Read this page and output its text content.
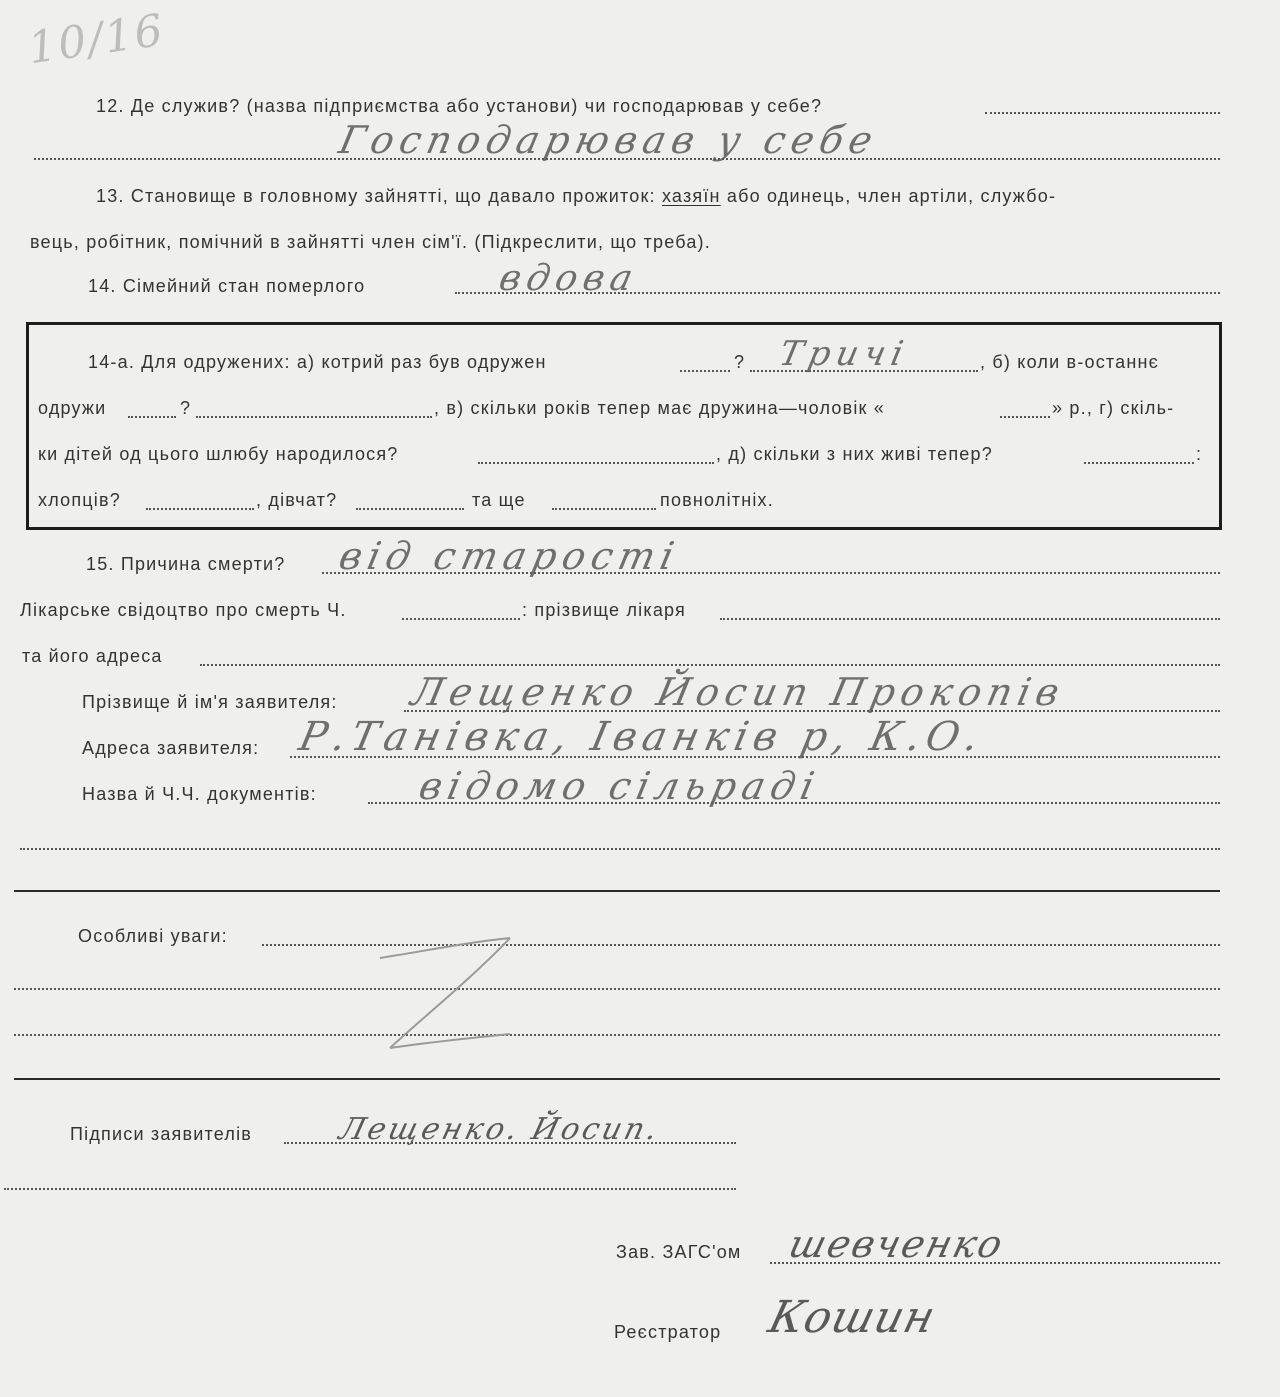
10/16
12. Де служив? (назва підприємства або установи) чи господарював у себе?
Господарював у себе
13. Становище в головному зайнятті, що давало прожиток: хазяїн або одинець, член артіли, службо-
вець, робітник, помічний в зайнятті член сім'ї. (Підкреслити, що треба).
14. Сімейний стан померлого	вдова
14-а. Для одружених: а) котрий раз був одружен	? Тричі	, б) коли в-останнє
одружи	?	, в) скільки років тепер має дружина—чоловік «	» р., г) скіль-
ки дітей од цього шлюбу народилося?	, д) скільки з них живі тепер?	:
хлопців?	, дівчат?	та ще	повнолітніх.
15. Причина смерти? від старості
Лікарське свідоцтво про смерть Ч.	: прізвище лікаря
та його адреса
Прізвище й ім'я заявителя: Лещенко Йосип Прокопів
Адреса заявителя: Р.Танівка, Іванків р, К.О.
Назва й Ч.Ч. документів:	відомо сільраді
Особливі уваги:
Підписи заявителів	Лещенко. Йосип.
Зав. ЗАГС'ом шевченко
Реєстратор Кошин
